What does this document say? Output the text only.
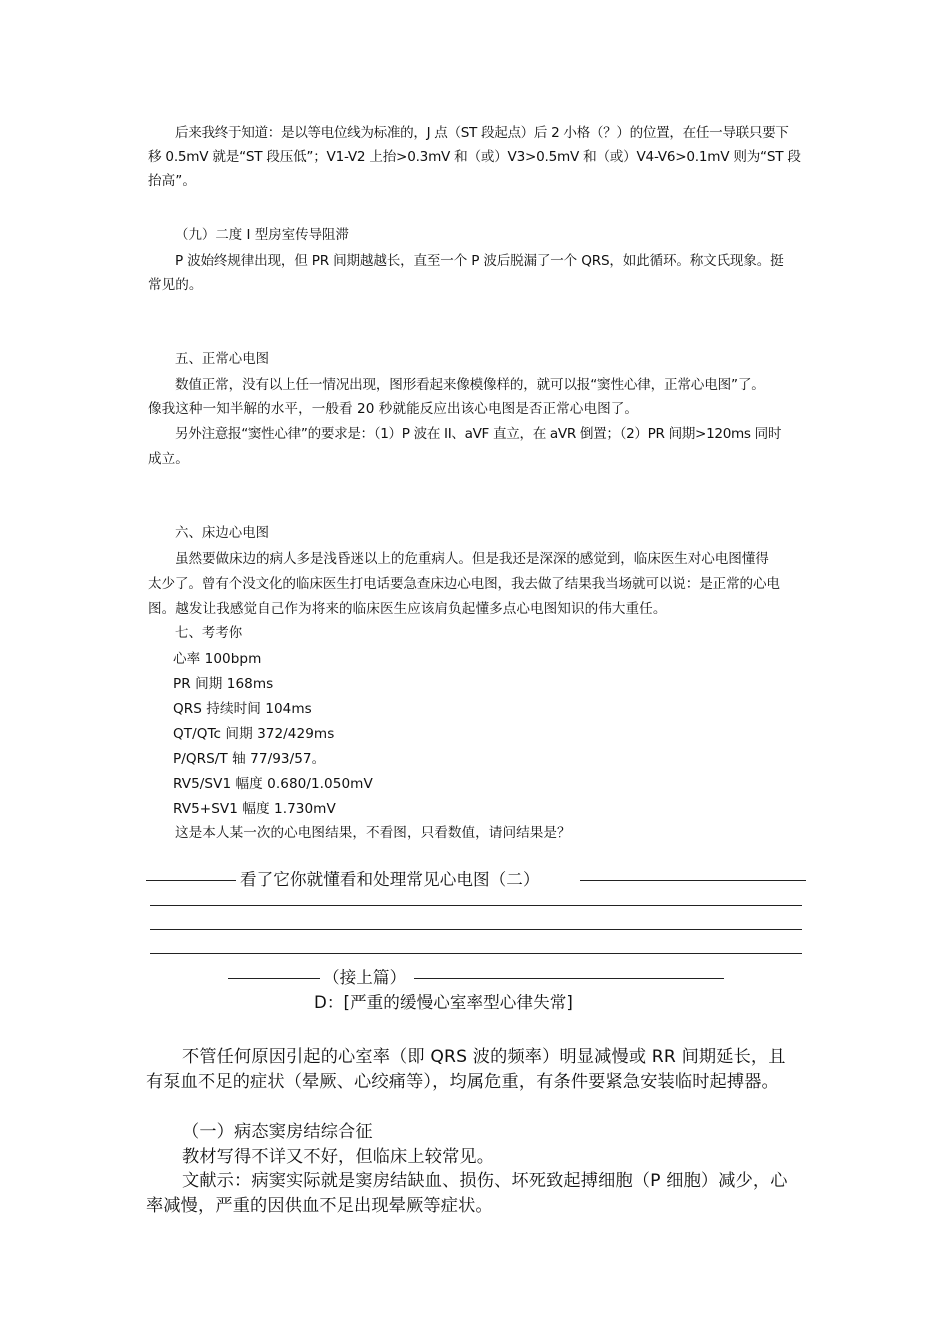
后来我终于知道：是以等电位线为标准的，J 点（ST 段起点）后 2 小格（？）的位置，在任一导联只要下
移 0.5mV 就是“ST 段压低”；V1-V2 上抬>0.3mV 和（或）V3>0.5mV 和（或）V4-V6>0.1mV 则为“ST 段
抬高”。
（九）二度 I 型房室传导阻滞
P 波始终规律出现，但 PR 间期越越长，直至一个 P 波后脱漏了一个 QRS，如此循环。称文氏现象。挺
常见的。
五、正常心电图
数值正常，没有以上任一情况出现，图形看起来像模像样的，就可以报“窦性心律，正常心电图”了。
像我这种一知半解的水平，一般看 20 秒就能反应出该心电图是否正常心电图了。
另外注意报“窦性心律”的要求是：（1）P 波在 II、aVF 直立，在 aVR 倒置；（2）PR 间期>120ms 同时
成立。
六、床边心电图
虽然要做床边的病人多是浅昏迷以上的危重病人。但是我还是深深的感觉到，临床医生对心电图懂得
太少了。曾有个没文化的临床医生打电话要急查床边心电图，我去做了结果我当场就可以说：是正常的心电
图。越发让我感觉自己作为将来的临床医生应该肩负起懂多点心电图知识的伟大重任。
七、考考你
心率 100bpm
PR 间期 168ms
QRS 持续时间 104ms
QT/QTc 间期 372/429ms
P/QRS/T 轴 77/93/57。
RV5/SV1 幅度 0.680/1.050mV
RV5+SV1 幅度 1.730mV
这是本人某一次的心电图结果，不看图，只看数值，请问结果是？
看了它你就懂看和处理常见心电图（二）
（接上篇）
D：[严重的缓慢心室率型心律失常]
不管任何原因引起的心室率（即 QRS 波的频率）明显减慢或 RR 间期延长，且
有泵血不足的症状（晕厥、心绞痛等），均属危重，有条件要紧急安装临时起搏器。
（一）病态窦房结综合征
教材写得不详又不好，但临床上较常见。
文献示：病窦实际就是窦房结缺血、损伤、坏死致起搏细胞（P 细胞）减少，心
率减慢，严重的因供血不足出现晕厥等症状。
